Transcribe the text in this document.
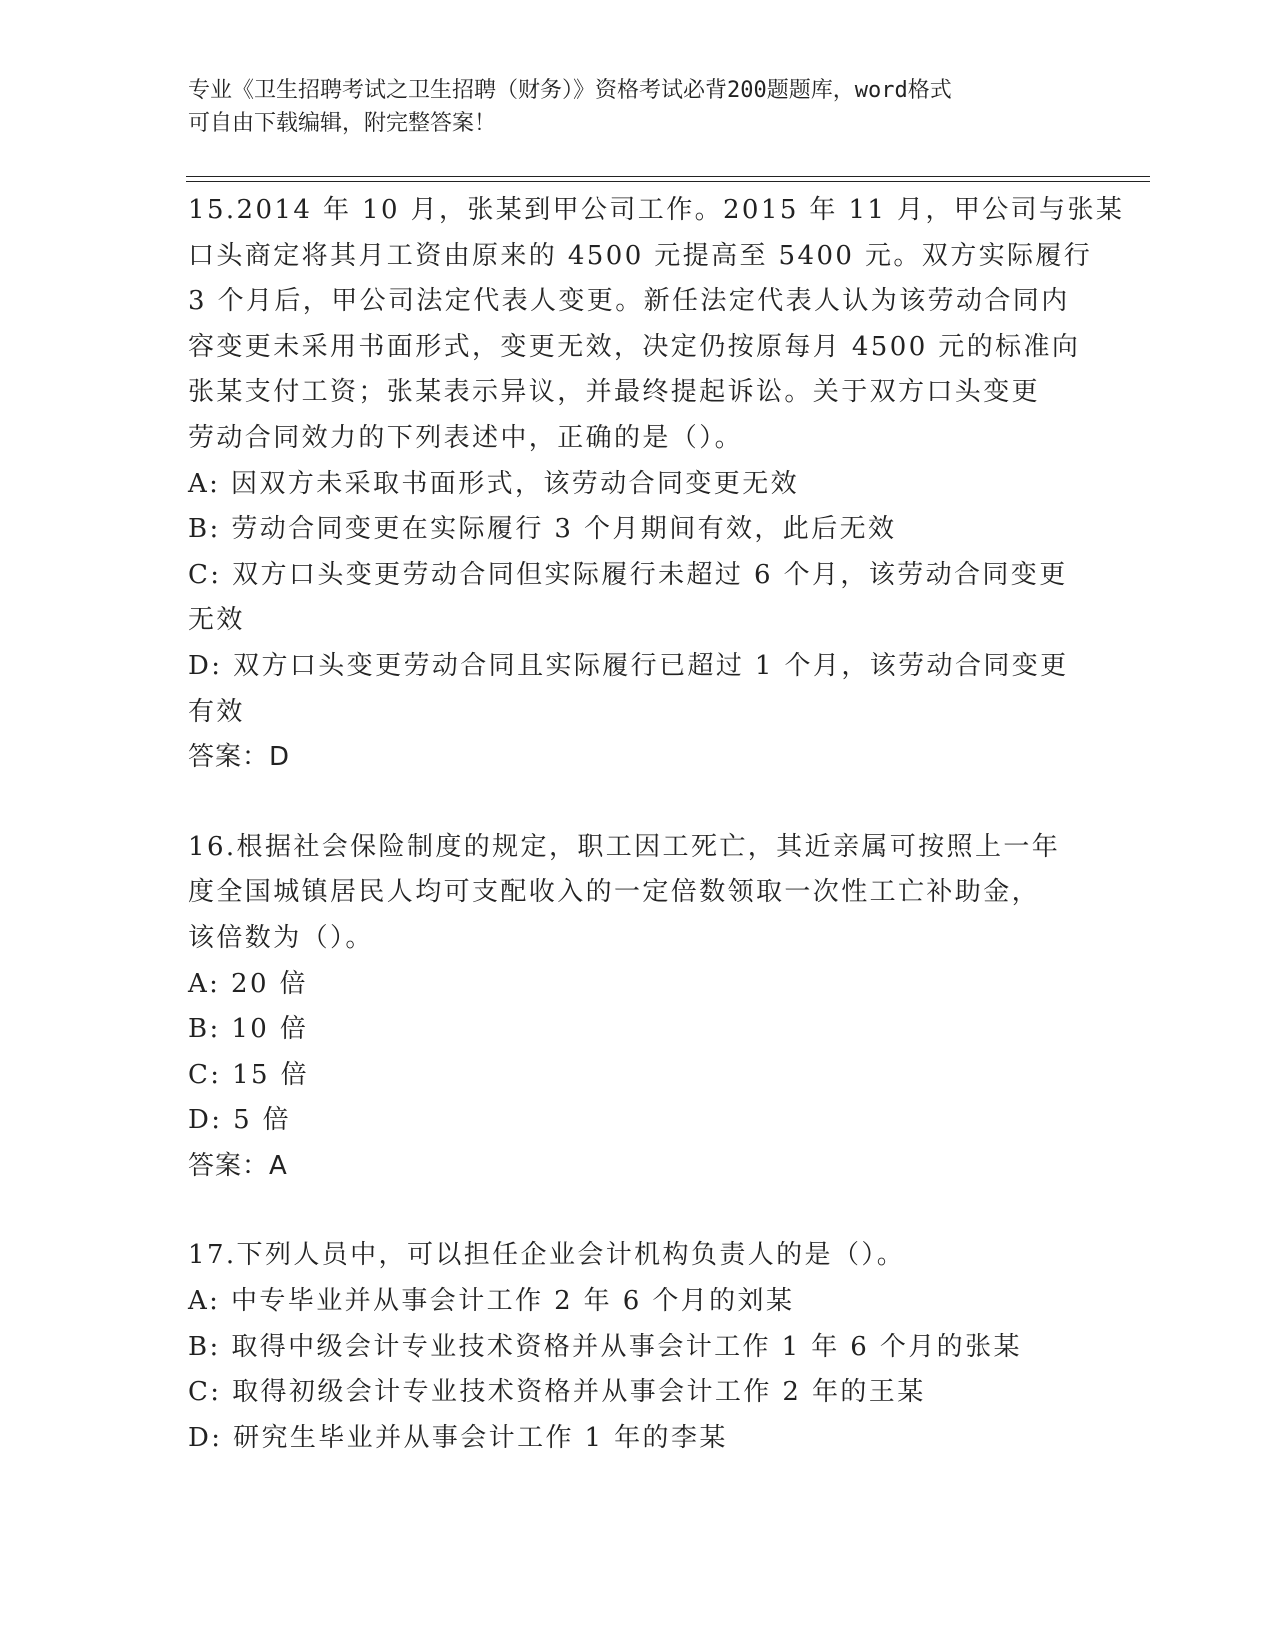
专业《卫生招聘考试之卫生招聘（财务）》资格考试必背200题题库，word格式
可自由下载编辑，附完整答案！
15.2014 年 10 月，张某到甲公司工作。2015 年 11 月，甲公司与张某
口头商定将其月工资由原来的 4500 元提高至 5400 元。双方实际履行
3 个月后，甲公司法定代表人变更。新任法定代表人认为该劳动合同内
容变更未采用书面形式，变更无效，决定仍按原每月 4500 元的标准向
张某支付工资；张某表示异议，并最终提起诉讼。关于双方口头变更
劳动合同效力的下列表述中，正确的是（）。
A: 因双方未采取书面形式，该劳动合同变更无效
B: 劳动合同变更在实际履行 3 个月期间有效，此后无效
C: 双方口头变更劳动合同但实际履行未超过 6 个月，该劳动合同变更
无效
D: 双方口头变更劳动合同且实际履行已超过 1 个月，该劳动合同变更
有效
答案：D
16.根据社会保险制度的规定，职工因工死亡，其近亲属可按照上一年
度全国城镇居民人均可支配收入的一定倍数领取一次性工亡补助金，
该倍数为（）。
A: 20 倍
B: 10 倍
C: 15 倍
D: 5 倍
答案：A
17.下列人员中，可以担任企业会计机构负责人的是（）。
A: 中专毕业并从事会计工作 2 年 6 个月的刘某
B: 取得中级会计专业技术资格并从事会计工作 1 年 6 个月的张某
C: 取得初级会计专业技术资格并从事会计工作 2 年的王某
D: 研究生毕业并从事会计工作 1 年的李某
